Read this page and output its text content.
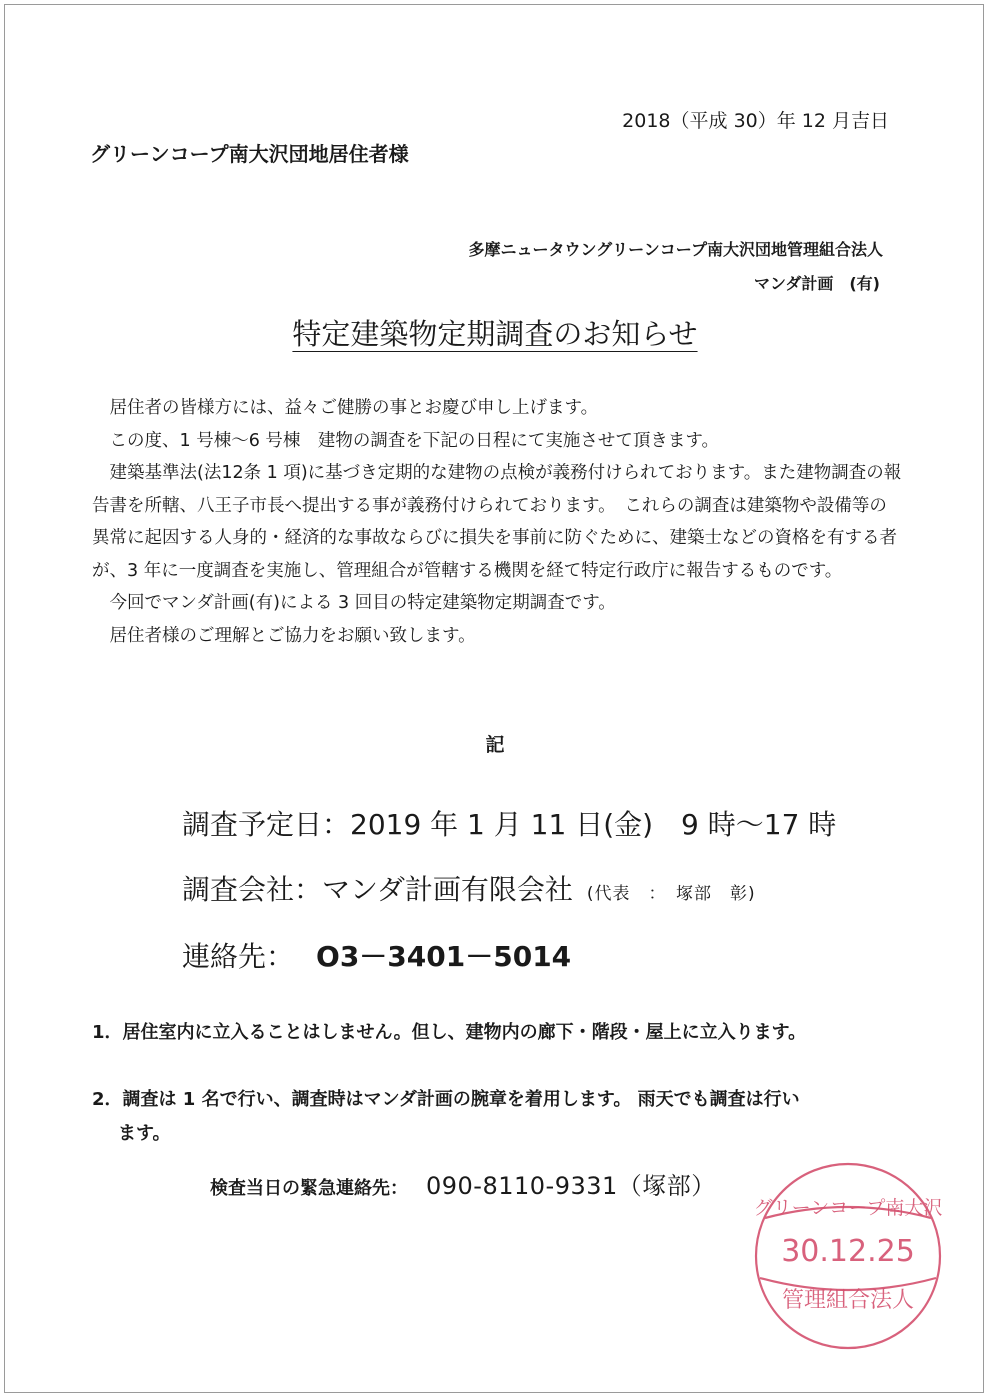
2018（平成 30）年 12 月吉日
グリーンコープ南大沢団地居住者様
多摩ニュータウングリーンコープ南大沢団地管理組合法人
マンダ計画　(有)
特定建築物定期調査のお知らせ

居住者の皆様方には、益々ご健勝の事とお慶び申し上げます。

この度、1 号棟～6 号棟　建物の調査を下記の日程にて実施させて頂きます。

建築基準法(法12条 1 項)に基づき定期的な建物の点検が義務付けられております。また建物調査の報告書を所轄、八王子市長へ提出する事が義務付けられております。　これらの調査は建築物や設備等の異常に起因する人身的・経済的な事故ならびに損失を事前に防ぐために、建築士などの資格を有する者が、3 年に一度調査を実施し、管理組合が管轄する機関を経て特定行政庁に報告するものです。

今回でマンダ計画(有)による 3 回目の特定建築物定期調査です。

居住者様のご理解とご協力をお願い致します。

記
調査予定日：2019 年 1 月 11 日(金)　9 時～17 時
調査会社：マンダ計画有限会社 (代表　：　塚部　彰)
連絡先： O3－3401－5014
1．居住室内に立入ることはしません。但し、建物内の廊下・階段・屋上に立入ります。
2．調査は 1 名で行い、調査時はマンダ計画の腕章を着用します。 雨天でも調査は行い
ます。
検査当日の緊急連絡先： 090-8110-9331（塚部）
グリーンコープ南大沢
30.12.25
管理組合法人
